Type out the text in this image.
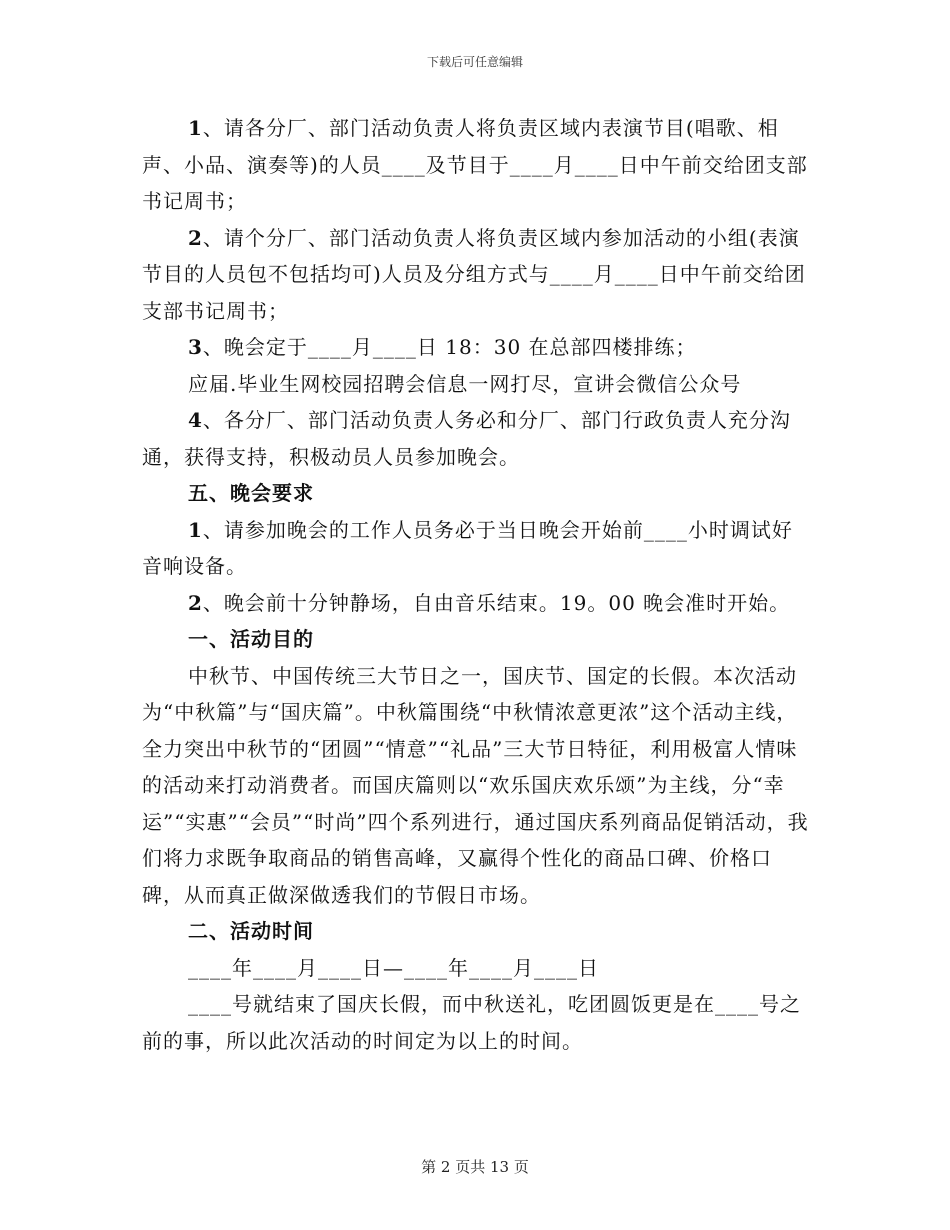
下载后可任意编辑

1、请各分厂、部门活动负责人将负责区域内表演节目(唱歌、相声、小品、演奏等)的人员____及节目于____月____日中午前交给团支部书记周书；

2、请个分厂、部门活动负责人将负责区域内参加活动的小组(表演节目的人员包不包括均可)人员及分组方式与____月____日中午前交给团支部书记周书；

3、晚会定于____月____日 18：30 在总部四楼排练；

应届.毕业生网校园招聘会信息一网打尽，宣讲会微信公众号

4、各分厂、部门活动负责人务必和分厂、部门行政负责人充分沟通，获得支持，积极动员人员参加晚会。

五、晚会要求

1、请参加晚会的工作人员务必于当日晚会开始前____小时调试好音响设备。

2、晚会前十分钟静场，自由音乐结束。19。00 晚会准时开始。

一、活动目的

中秋节、中国传统三大节日之一，国庆节、国定的长假。本次活动为“中秋篇”与“国庆篇”。中秋篇围绕“中秋情浓意更浓”这个活动主线，全力突出中秋节的“团圆”“情意”“礼品”三大节日特征，利用极富人情味的活动来打动消费者。而国庆篇则以“欢乐国庆欢乐颂”为主线，分“幸运”“实惠”“会员”“时尚”四个系列进行，通过国庆系列商品促销活动，我们将力求既争取商品的销售高峰，又赢得个性化的商品口碑、价格口碑，从而真正做深做透我们的节假日市场。

二、活动时间

____年____月____日—____年____月____日

____号就结束了国庆长假，而中秋送礼，吃团圆饭更是在____号之前的事，所以此次活动的时间定为以上的时间。

第 2 页共 13 页
